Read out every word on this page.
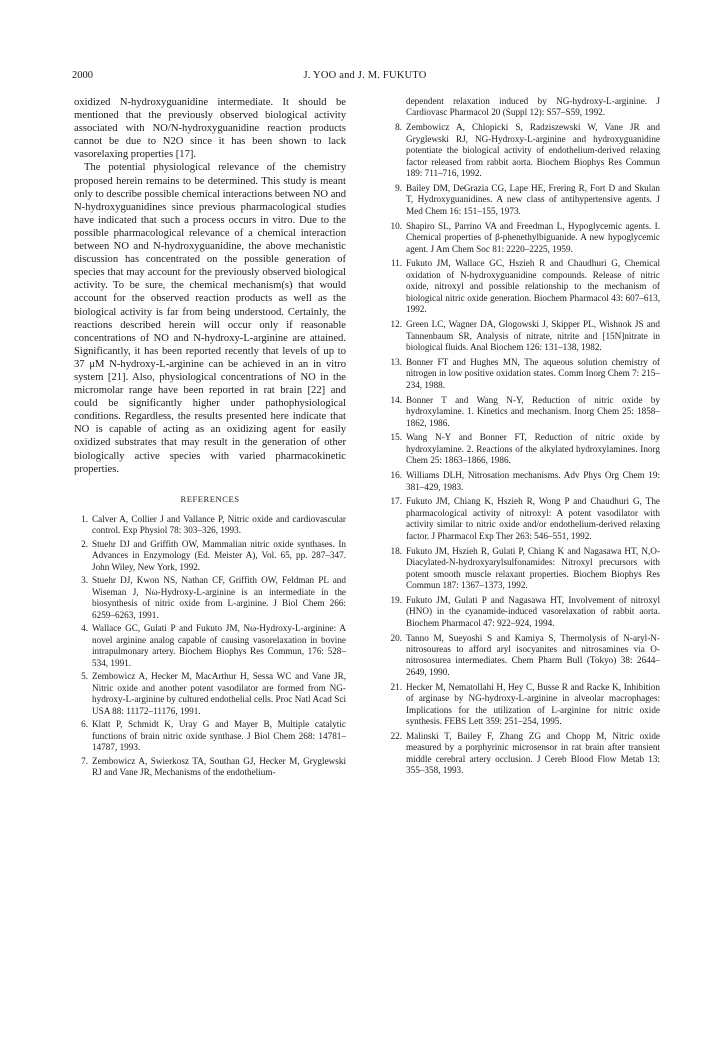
2000	J. YOO and J. M. FUKUTO

oxidized N-hydroxyguanidine intermediate. It should be mentioned that the previously observed biological activity associated with NO/N-hydroxyguanidine reaction products cannot be due to N2O since it has been shown to lack vasorelaxing properties [17].

The potential physiological relevance of the chemistry proposed herein remains to be determined. This study is meant only to describe possible chemical interactions between NO and N-hydroxyguanidines since previous pharmacological studies have indicated that such a process occurs in vitro. Due to the possible pharmacological relevance of a chemical interaction between NO and N-hydroxyguanidine, the above mechanistic discussion has concentrated on the possible generation of species that may account for the previously observed biological activity. To be sure, the chemical mechanism(s) that would account for the observed reaction products as well as the biological activity is far from being understood. Certainly, the reactions described herein will occur only if reasonable concentrations of NO and N-hydroxy-L-arginine are attained. Significantly, it has been reported recently that levels of up to 37 μM N-hydroxy-L-arginine can be achieved in an in vitro system [21]. Also, physiological concentrations of NO in the micromolar range have been reported in rat brain [22] and could be significantly higher under pathophysiological conditions. Regardless, the results presented here indicate that NO is capable of acting as an oxidizing agent for easily oxidized substrates that may result in the generation of other biologically active species with varied pharmacokinetic properties.

REFERENCES
1. Calver A, Collier J and Vallance P, Nitric oxide and cardiovascular control. Exp Physiol 78: 303–326, 1993.
2. Stuehr DJ and Griffith OW, Mammalian nitric oxide synthases. In Advances in Enzymology (Ed. Meister A), Vol. 65, pp. 287–347. John Wiley, New York, 1992.
3. Stuehr DJ, Kwon NS, Nathan CF, Griffith OW, Feldman PL and Wiseman J, Nω-Hydroxy-L-arginine is an intermediate in the biosynthesis of nitric oxide from L-arginine. J Biol Chem 266: 6259–6263, 1991.
4. Wallace GC, Gulati P and Fukuto JM, Nω-Hydroxy-L-arginine: A novel arginine analog capable of causing vasorelaxation in bovine intrapulmonary artery. Biochem Biophys Res Commun, 176: 528–534, 1991.
5. Zembowicz A, Hecker M, MacArthur H, Sessa WC and Vane JR, Nitric oxide and another potent vasodilator are formed from NG-hydroxy-L-arginine by cultured endothelial cells. Proc Natl Acad Sci USA 88: 11172–11176, 1991.
6. Klatt P, Schmidt K, Uray G and Mayer B, Multiple catalytic functions of brain nitric oxide synthase. J Biol Chem 268: 14781–14787, 1993.
7. Zembowicz A, Swierkosz TA, Southan GJ, Hecker M, Gryglewski RJ and Vane JR, Mechanisms of the endothelium-
dependent relaxation induced by NG-hydroxy-L-arginine. J Cardiovasc Pharmacol 20 (Suppl 12): S57–S59, 1992.
8. Zembowicz A, Chlopicki S, Radziszewski W, Vane JR and Gryglewski RJ, NG-Hydroxy-L-arginine and hydroxyguanidine potentiate the biological activity of endothelium-derived relaxing factor released from rabbit aorta. Biochem Biophys Res Commun 189: 711–716, 1992.
9. Bailey DM, DeGrazia CG, Lape HE, Frering R, Fort D and Skulan T, Hydroxyguanidines. A new class of antihypertensive agents. J Med Chem 16: 151–155, 1973.
10. Shapiro SL, Parrino VA and Freedman L, Hypoglycemic agents. I. Chemical properties of β-phenethylbiguanide. A new hypoglycemic agent. J Am Chem Soc 81: 2220–2225, 1959.
11. Fukuto JM, Wallace GC, Hszieh R and Chaudhuri G, Chemical oxidation of N-hydroxyguanidine compounds. Release of nitric oxide, nitroxyl and possible relationship to the mechanism of biological nitric oxide generation. Biochem Pharmacol 43: 607–613, 1992.
12. Green LC, Wagner DA, Glogowski J, Skipper PL, Wishnok JS and Tannenbaum SR, Analysis of nitrate, nitrite and [15N]nitrate in biological fluids. Anal Biochem 126: 131–138, 1982.
13. Bonner FT and Hughes MN, The aqueous solution chemistry of nitrogen in low positive oxidation states. Comm Inorg Chem 7: 215–234, 1988.
14. Bonner T and Wang N-Y, Reduction of nitric oxide by hydroxylamine. 1. Kinetics and mechanism. Inorg Chem 25: 1858–1862, 1986.
15. Wang N-Y and Bonner FT, Reduction of nitric oxide by hydroxylamine. 2. Reactions of the alkylated hydroxylamines. Inorg Chem 25: 1863–1866, 1986.
16. Williams DLH, Nitrosation mechanisms. Adv Phys Org Chem 19: 381–429, 1983.
17. Fukuto JM, Chiang K, Hszieh R, Wong P and Chaudhuri G, The pharmacological activity of nitroxyl: A potent vasodilator with activity similar to nitric oxide and/or endothelium-derived relaxing factor. J Pharmacol Exp Ther 263: 546–551, 1992.
18. Fukuto JM, Hszieh R, Gulati P, Chiang K and Nagasawa HT, N,O-Diacylated-N-hydroxyarylsulfonamides: Nitroxyl precursors with potent smooth muscle relaxant properties. Biochem Biophys Res Commun 187: 1367–1373, 1992.
19. Fukuto JM, Gulati P and Nagasawa HT, Involvement of nitroxyl (HNO) in the cyanamide-induced vasorelaxation of rabbit aorta. Biochem Pharmacol 47: 922–924, 1994.
20. Tanno M, Sueyoshi S and Kamiya S, Thermolysis of N-aryl-N-nitrosoureas to afford aryl isocyanites and nitrosamines via O-nitrososurea intermediates. Chem Pharm Bull (Tokyo) 38: 2644–2649, 1990.
21. Hecker M, Nematollahi H, Hey C, Busse R and Racke K, Inhibition of arginase by NG-hydroxy-L-arginine in alveolar macrophages: Implications for the utilization of L-arginine for nitric oxide synthesis. FEBS Lett 359: 251–254, 1995.
22. Malinski T, Bailey F, Zhang ZG and Chopp M, Nitric oxide measured by a porphyrinic microsensor in rat brain after transient middle cerebral artery occlusion. J Cereb Blood Flow Metab 13: 355–358, 1993.
